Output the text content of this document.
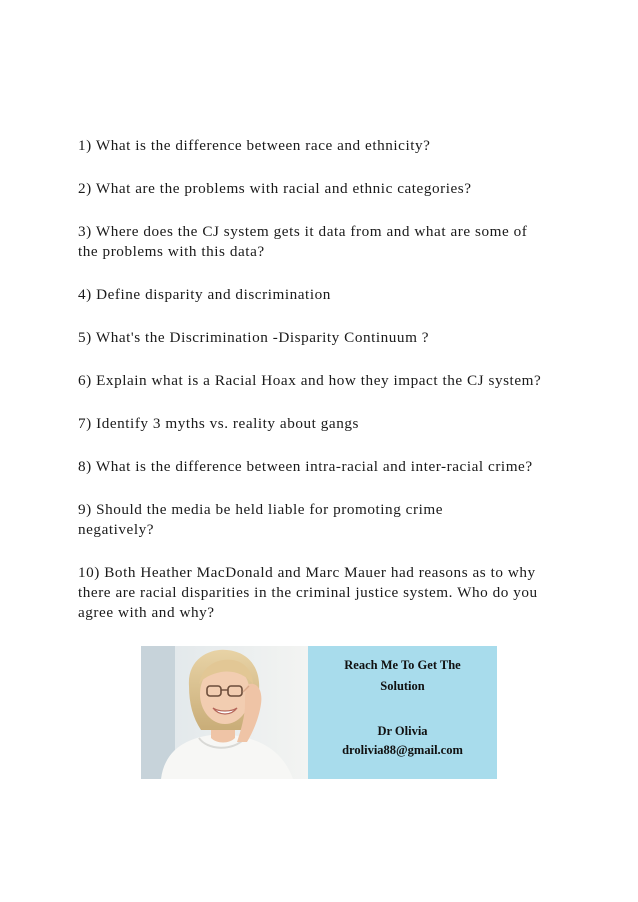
1) What is the difference between race and ethnicity?

2) What are the problems with racial and ethnic categories?

3) Where does the CJ system gets it data from and what are some of the problems with this data?

4) Define disparity and discrimination

5) What's the Discrimination -Disparity Continuum ?

6) Explain what is a Racial Hoax and how they impact the CJ system?

7) Identify 3 myths vs. reality about gangs

8) What is the difference between intra-racial and inter-racial crime?

9) Should the media be held liable for promoting crime negatively?

10) Both Heather MacDonald and Marc Mauer had reasons as to why there are racial disparities in the criminal justice system. Who do you agree with and why?

Reach Me To Get The
Solution
Dr Olivia
drolivia88@gmail.com
